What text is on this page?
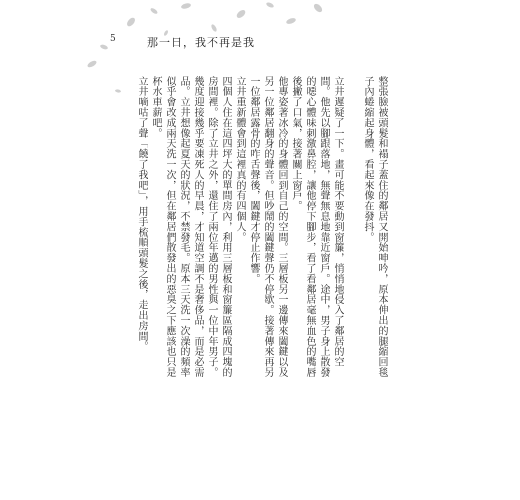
5	那一日，我不再是我
整張臉被頭髮和褟子蓋住的鄰居又開始呻吟，原本伸出的腿縮回毯子內蜷縮起身體，看起來像在發抖。
立井遲疑了一下。畫可能不要動到窗簾，悄悄地侵入了鄰居的空間。他先以腳跟落地，無聲無息地靠近窗戶。途中，男子身上散發的噁心體味刺激鼻腔，讓他停下腳步，看了看鄰居毫無血色的嘴唇後撇了口氣，接著關上窗戶。
他專姿著冰冷的身體回到自己的空間。三層板另一邊傳來闔鍵以及另一位鄰居翻身的聲音。但吵鬧的闔鍵聲仍不停歇。接著傳來再另一位鄰居露骨的咋舌聲後，闔鍵才停止作響。
立井重新體會到這裡真的有四個人。
四個人住在這四坪大的單間房內，利用三層板和窗簾區隔成四塊的房間裡。除了立井之外，還住了兩位年邁的男性與一位中年男子。
幾度迎接幾乎要凍死人的早晨，才知道空調不是奢侈品，而是必需品。立井想像起夏天的狀況，不禁發毛。原本三天洗一次澡的頻率似乎會改成兩天洗一次，但在鄰居們散發出的惡臭之下應該也只是杯水車薪吧。
立井嘀咕了聲「饒了我吧」，用手梳順頭髮之後，走出房間。
